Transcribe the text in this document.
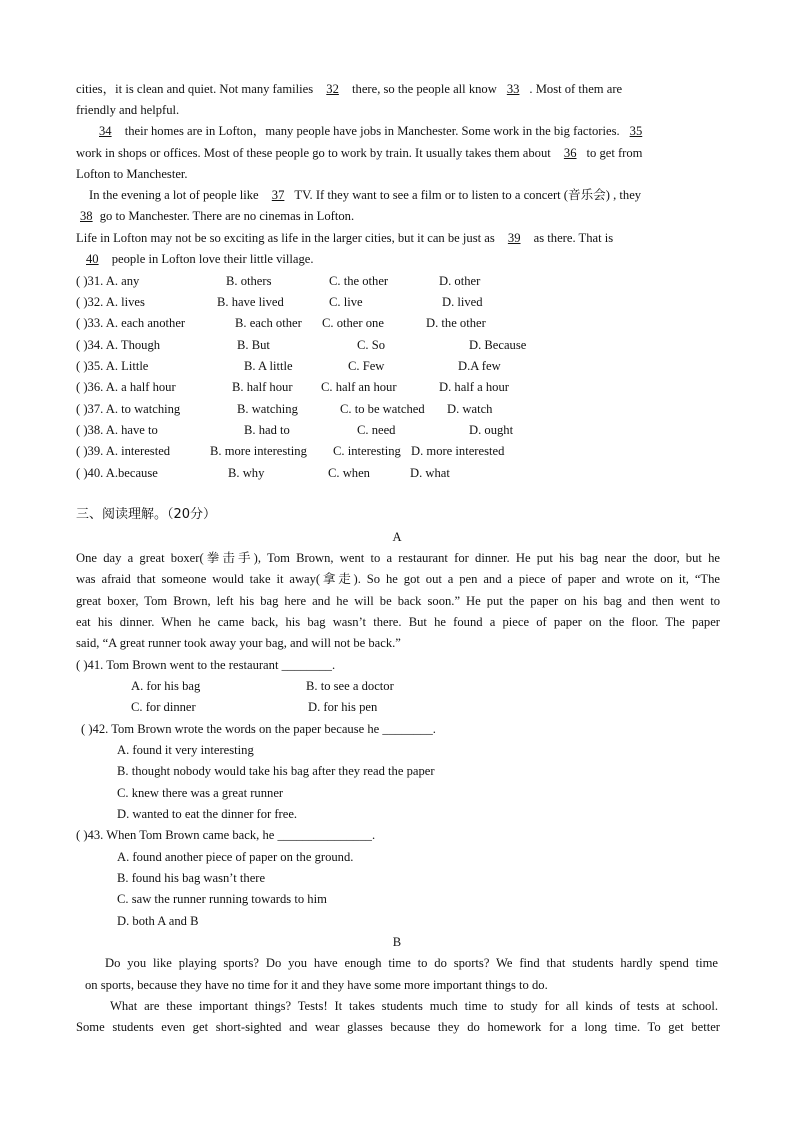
cities，it is clean and quiet. Not many families 32 there, so the people all know 33 . Most of them are
friendly and helpful.
34 their homes are in Lofton，many people have jobs in Manchester. Some work in the big factories. 35
work in shops or offices. Most of these people go to work by train. It usually takes them about 36 to get from
Lofton to Manchester.
In the evening a lot of people like 37 TV. If they want to see a film or to listen to a concert (音乐会) , they
38 go to Manchester. There are no cinemas in Lofton.
Life in Lofton may not be so exciting as life in the larger cities, but it can be just as 39 as there. That is
40 people in Lofton love their little village.
( )31. A. any	B. others	C. the other	D. other
( )32. A. lives	B. have lived	C. live	D. lived
( )33. A. each another	B. each other C. other one	D. the other
( )34. A. Though	B. But	C. So	D. Because
( )35. A. Little	B. A little	C. Few	D.A few
( )36. A. a half hour	B. half hour C. half an hour	D. half a hour
( )37. A. to watching	B. watching	C. to be watched D. watch
( )38. A. have to	B. had to	C. need	D. ought
( )39. A. interested	B. more interesting C. interesting D. more interested
( )40. A.because	B. why	C. when	D. what
三、阅读理解。（20分）
A
One day a great boxer(拳击手), Tom Brown, went to a restaurant for dinner. He put his bag near the door, but he
was afraid that someone would take it away(拿走). So he got out a pen and a piece of paper and wrote on it, “The
great boxer, Tom Brown, left his bag here and he will be back soon.” He put the paper on his bag and then went to
eat his dinner. When he came back, his bag wasn’t there. But he found a piece of paper on the floor. The paper
said, “A great runner took away your bag, and will not be back.”
( )41. Tom Brown went to the restaurant ________.
A. for his bag	B. to see a doctor
C. for dinner	D. for his pen
( )42. Tom Brown wrote the words on the paper because he ________.
A. found it very interesting
B. thought nobody would take his bag after they read the paper
C. knew there was a great runner
D. wanted to eat the dinner for free.
( )43. When Tom Brown came back, he _______________.
A. found another piece of paper on the ground.
B. found his bag wasn’t there
C. saw the runner running towards to him
D. both A and B
B
Do you like playing sports? Do you have enough time to do sports? We find that students hardly spend time
on sports, because they have no time for it and they have some more important things to do.
What are these important things? Tests! It takes students much time to study for all kinds of tests at school.
Some students even get short-sighted and wear glasses because they do homework for a long time. To get better
